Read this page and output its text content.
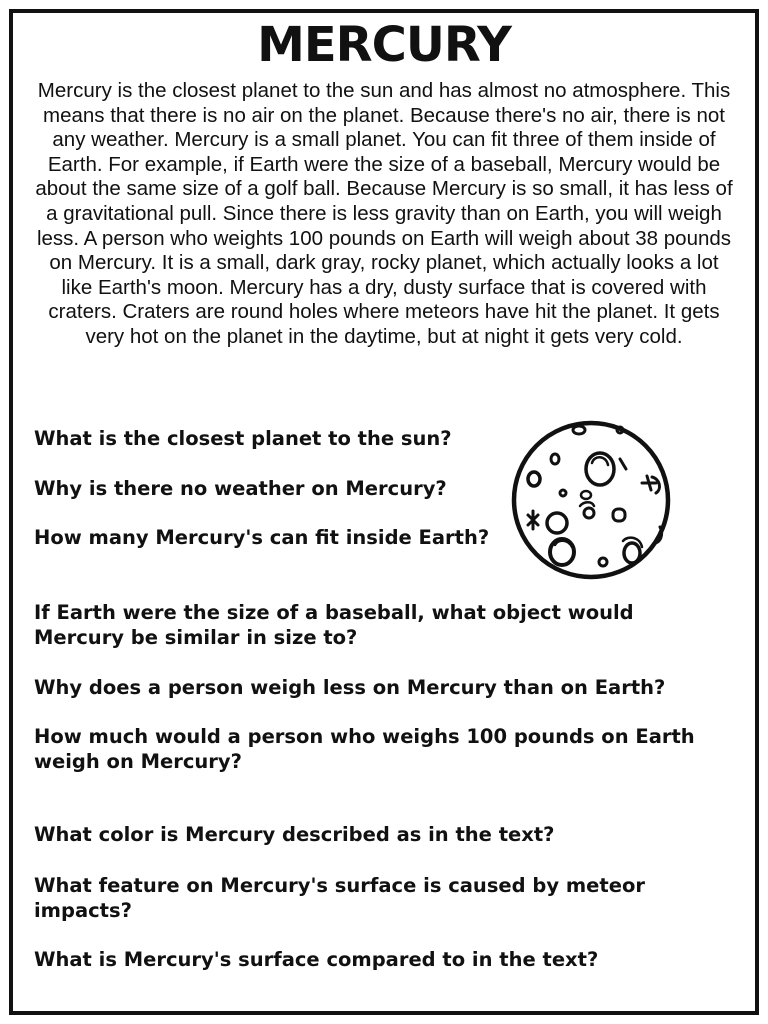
MERCURY
Mercury is the closest planet to the sun and has almost no atmosphere. This means that there is no air on the planet. Because there's no air, there is not any weather. Mercury is a small planet. You can fit three of them inside of Earth. For example, if Earth were the size of a baseball, Mercury would be about the same size of a golf ball. Because Mercury is so small, it has less of a gravitational pull. Since there is less gravity than on Earth, you will weigh less. A person who weights 100 pounds on Earth will weigh about 38 pounds on Mercury. It is a small, dark gray, rocky planet, which actually looks a lot like Earth's moon. Mercury has a dry, dusty surface that is covered with craters. Craters are round holes where meteors have hit the planet. It gets very hot on the planet in the daytime, but at night it gets very cold.
What is the closest planet to the sun?
Why is there no weather on Mercury?
How many Mercury's can fit inside Earth?
If Earth were the size of a baseball, what object would Mercury be similar in size to?
Why does a person weigh less on Mercury than on Earth?
How much would a person who weighs 100 pounds on Earth weigh on Mercury?
What color is Mercury described as in the text?
What feature on Mercury's surface is caused by meteor impacts?
What is Mercury's surface compared to in the text?
